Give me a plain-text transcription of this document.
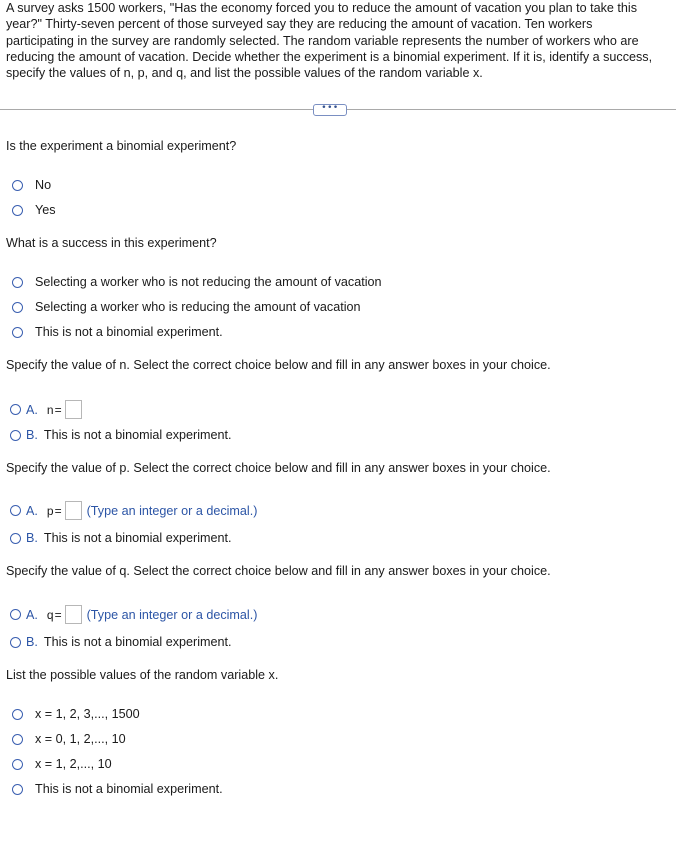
A survey asks 1500 workers, "Has the economy forced you to reduce the amount of vacation you plan to take this
year?" Thirty-seven percent of those surveyed say they are reducing the amount of vacation. Ten workers
participating in the survey are randomly selected. The random variable represents the number of workers who are
reducing the amount of vacation. Decide whether the experiment is a binomial experiment. If it is, identify a success,
specify the values of n, p, and q, and list the possible values of the random variable x.
•••

Is the experiment a binomial experiment?

No
Yes

What is a success in this experiment?

Selecting a worker who is not reducing the amount of vacation
Selecting a worker who is reducing the amount of vacation
This is not a binomial experiment.

Specify the value of n. Select the correct choice below and fill in any answer boxes in your choice.

A. n =
B. This is not a binomial experiment.

Specify the value of p. Select the correct choice below and fill in any answer boxes in your choice.

A. p = (Type an integer or a decimal.)
B. This is not a binomial experiment.

Specify the value of q. Select the correct choice below and fill in any answer boxes in your choice.

A. q = (Type an integer or a decimal.)
B. This is not a binomial experiment.

List the possible values of the random variable x.

x = 1, 2, 3,..., 1500
x = 0, 1, 2,..., 10
x = 1, 2,..., 10
This is not a binomial experiment.
